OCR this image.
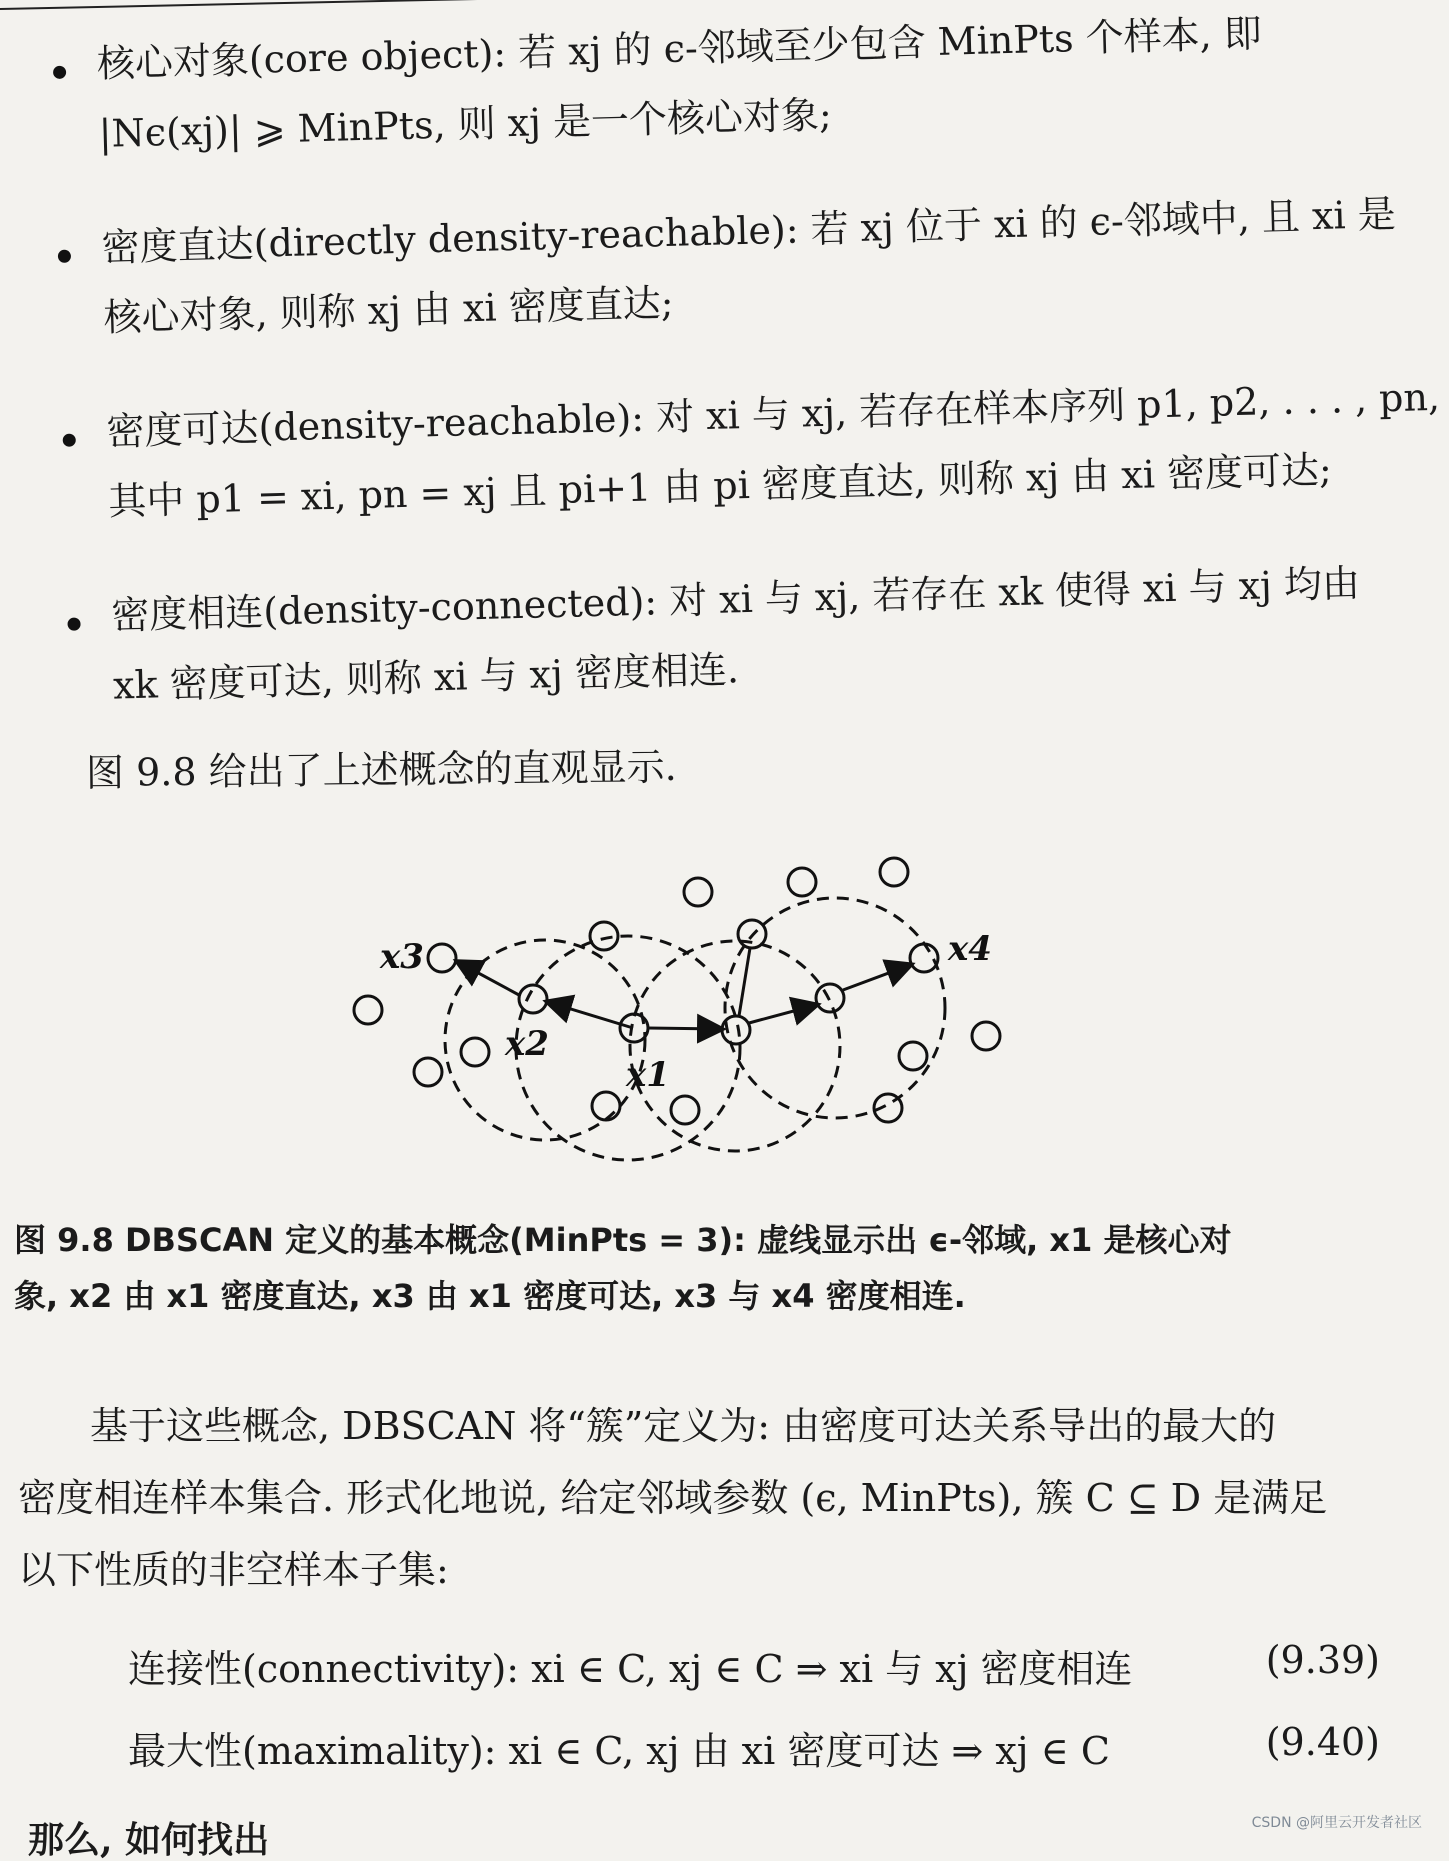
核心对象(core object): 若 xj 的 ϵ-邻域至少包含 MinPts 个样本, 即
|Nϵ(xj)| ⩾ MinPts, 则 xj 是一个核心对象;
密度直达(directly density-reachable): 若 xj 位于 xi 的 ϵ-邻域中, 且 xi 是
核心对象, 则称 xj 由 xi 密度直达;
密度可达(density-reachable): 对 xi 与 xj, 若存在样本序列 p1, p2, . . . , pn,
其中 p1 = xi, pn = xj 且 pi+1 由 pi 密度直达, 则称 xj 由 xi 密度可达;
密度相连(density-connected): 对 xi 与 xj, 若存在 xk 使得 xi 与 xj 均由
xk 密度可达, 则称 xi 与 xj 密度相连.
图 9.8 给出了上述概念的直观显示.
x1
x2
x3	x4
图 9.8 DBSCAN 定义的基本概念(MinPts = 3): 虚线显示出 ϵ-邻域, x1 是核心对
象, x2 由 x1 密度直达, x3 由 x1 密度可达, x3 与 x4 密度相连.
基于这些概念, DBSCAN 将“簇”定义为: 由密度可达关系导出的最大的
密度相连样本集合. 形式化地说, 给定邻域参数 (ϵ, MinPts), 簇 C ⊆ D 是满足
以下性质的非空样本子集:
连接性(connectivity): xi ∈ C, xj ∈ C ⇒ xi 与 xj 密度相连	(9.39)
最大性(maximality): xi ∈ C, xj 由 xi 密度可达 ⇒ xj ∈ C	(9.40)
那么, 如何找出	CSDN @阿里云开发者社区
